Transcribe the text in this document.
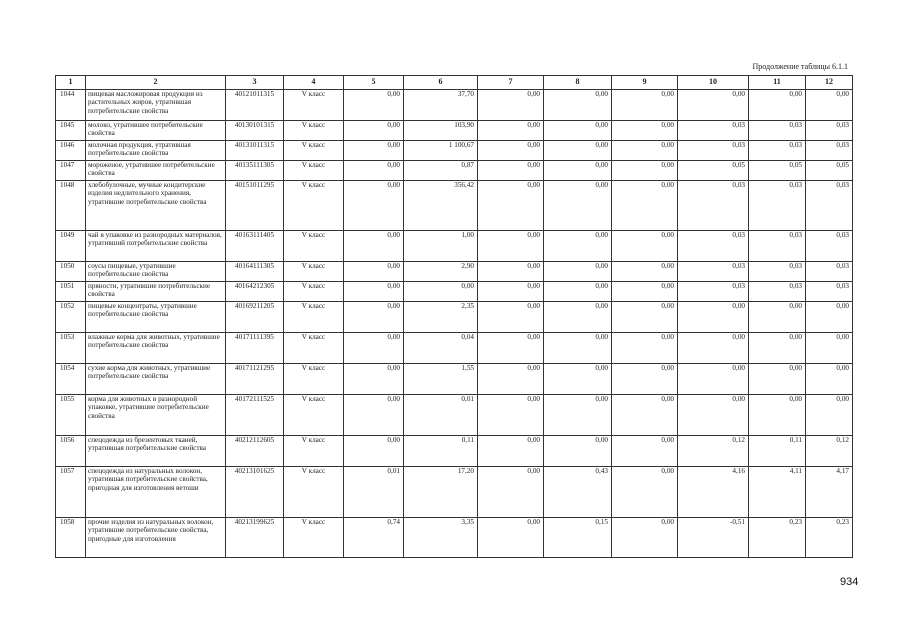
Продолжение таблицы 6.1.1
1	2	3	4	5	6	7	8	9	10	11	12
1044	пищевая масложировая продукция из растительных жиров, утратившая потребительские свойства	40121011315	V класс	0,00	37,70	0,00	0,00	0,00	0,00	0,00	0,00
1045	молоко, утратившее потребительские свойства	40130101315	V класс	0,00	103,90	0,00	0,00	0,00	0,03	0,03	0,03
1046	молочная продукция, утратившая потребительские свойства	40131011315	V класс	0,00	1 100,67	0,00	0,00	0,00	0,03	0,03	0,03
1047	мороженое, утратившее потребительские свойства	40135111305	V класс	0,00	0,87	0,00	0,00	0,00	0,05	0,05	0,05
1048	хлебобулочные, мучные кондитерские изделия недлительного хранения, утратившие потребительские свойства	40151011295	V класс	0,00	356,42	0,00	0,00	0,00	0,03	0,03	0,03
1049	чай в упаковке из разнородных материалов, утративший потребительские свойства	40163111405	V класс	0,00	1,00	0,00	0,00	0,00	0,03	0,03	0,03
1050	соусы пищевые, утратившие потребительские свойства	40164111305	V класс	0,00	2,90	0,00	0,00	0,00	0,03	0,03	0,03
1051	пряности, утратившие потребительские свойства	40164212305	V класс	0,00	0,00	0,00	0,00	0,00	0,03	0,03	0,03
1052	пищевые концентраты, утратившие потребительские свойства	40169211205	V класс	0,00	2,35	0,00	0,00	0,00	0,00	0,00	0,00
1053	влажные корма для животных, утратившие потребительские свойства	40171111395	V класс	0,00	0,04	0,00	0,00	0,00	0,00	0,00	0,00
1054	сухие корма для животных, утратившие потребительские свойства	40171121295	V класс	0,00	1,55	0,00	0,00	0,00	0,00	0,00	0,00
1055	корма для животных в разнородной упаковке, утратившие потребительские свойства	40172111525	V класс	0,00	0,01	0,00	0,00	0,00	0,00	0,00	0,00
1056	спецодежда из брезентовых тканей, утратившая потребительские свойства	40212112605	V класс	0,00	0,11	0,00	0,00	0,00	0,12	0,11	0,12
1057	спецодежда из натуральных волокон, утратившая потребительские свойства, пригодная для изготовления ветоши	40213101625	V класс	0,01	17,20	0,00	0,43	0,00	4,16	4,11	4,17
1058	прочие изделия из натуральных волокон, утратившие потребительские свойства, пригодные для изготовления	40213199625	V класс	0,74	3,35	0,00	0,15	0,00	-0,51	0,23	0,23
934
